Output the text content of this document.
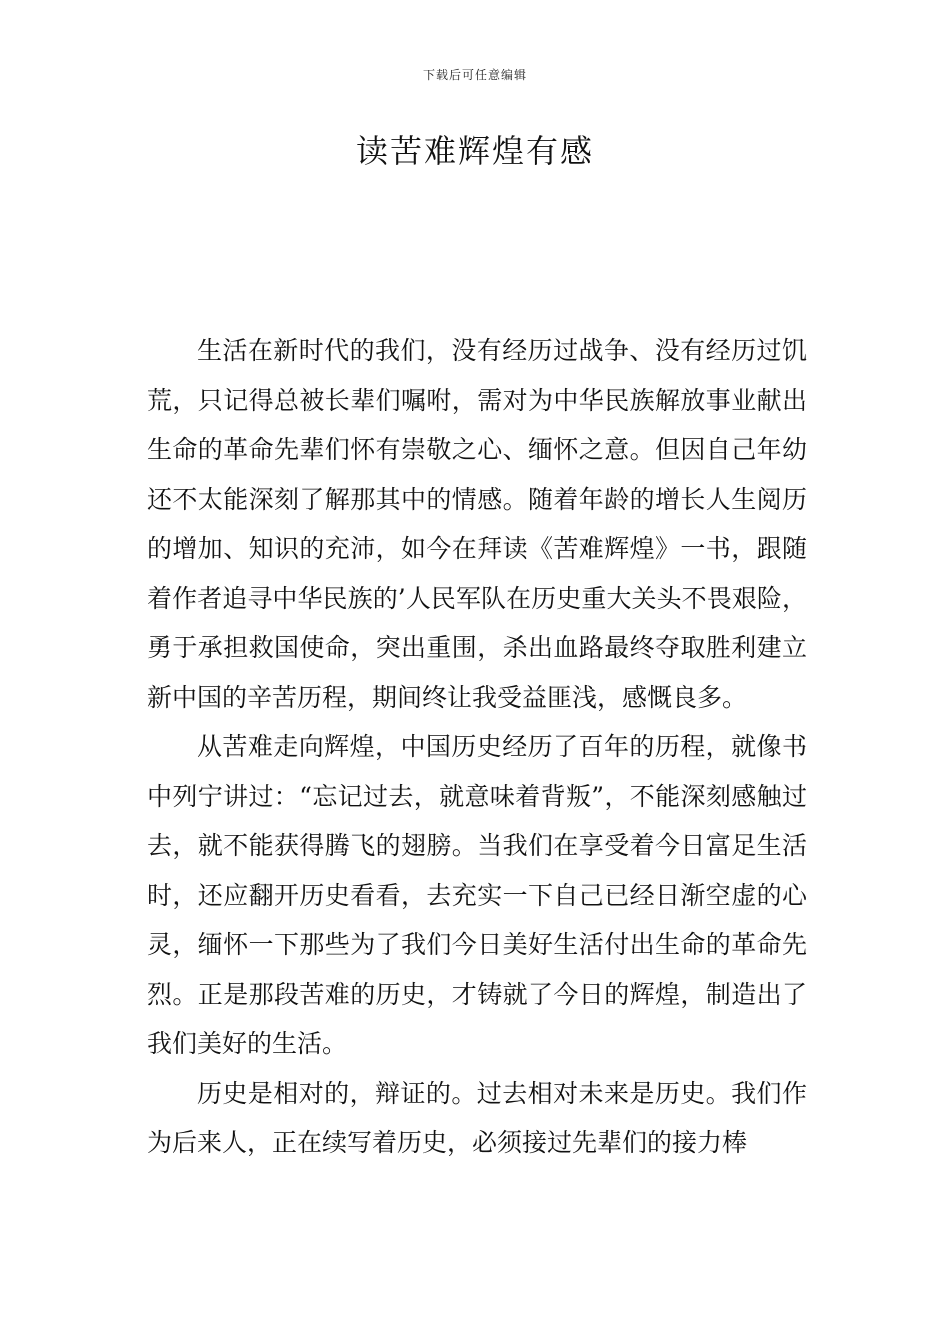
下载后可任意编辑
读苦难辉煌有感

生活在新时代的我们，没有经历过战争、没有经历过饥荒，只记得总被长辈们嘱咐，需对为中华民族解放事业献出生命的革命先辈们怀有崇敬之心、缅怀之意。但因自己年幼还不太能深刻了解那其中的情感。随着年龄的增长人生阅历的增加、知识的充沛，如今在拜读《苦难辉煌》一书，跟随着作者追寻中华民族的’人民军队在历史重大关头不畏艰险，勇于承担救国使命，突出重围，杀出血路最终夺取胜利建立新中国的辛苦历程，期间终让我受益匪浅，感慨良多。

从苦难走向辉煌，中国历史经历了百年的历程，就像书中列宁讲过：“忘记过去，就意味着背叛”，不能深刻感触过去，就不能获得腾飞的翅膀。当我们在享受着今日富足生活时，还应翻开历史看看，去充实一下自己已经日渐空虚的心灵，缅怀一下那些为了我们今日美好生活付出生命的革命先烈。正是那段苦难的历史，才铸就了今日的辉煌，制造出了我们美好的生活。

历史是相对的，辩证的。过去相对未来是历史。我们作为后来人，正在续写着历史，必须接过先辈们的接力棒
